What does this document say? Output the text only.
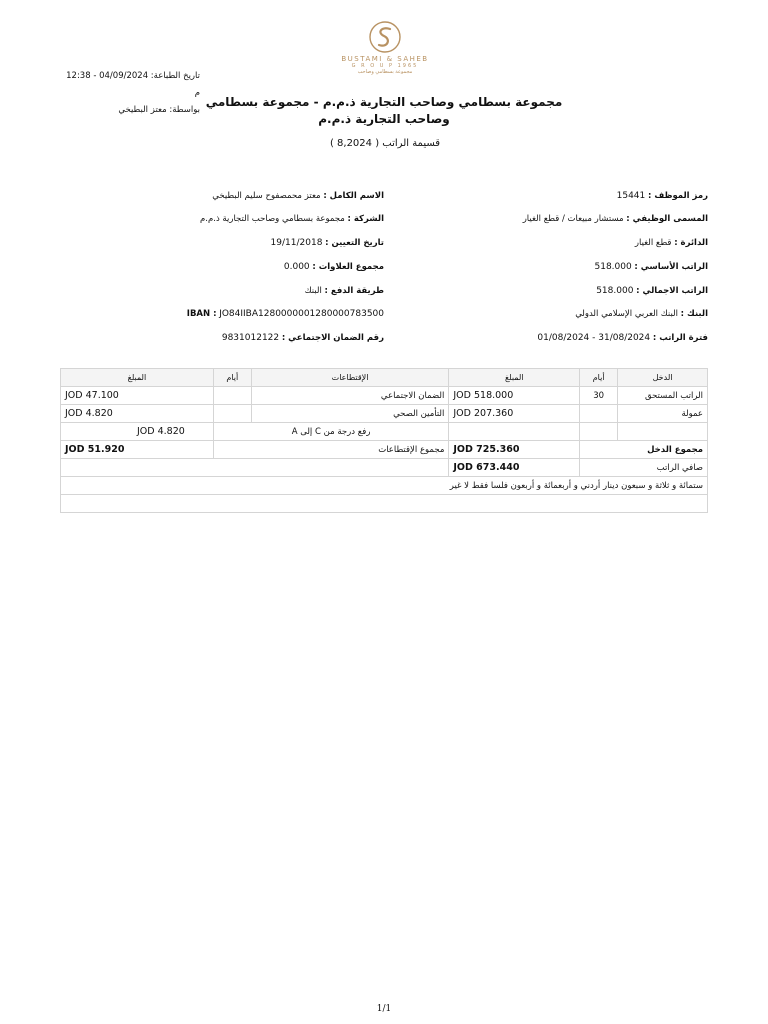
BUSTAMI & SAHEB
G R O U P 1965
مجموعة بسطامي وصاحب
تاريخ الطباعة: 04/09/2024 - 12:38 م
بواسطة: معتز البطيخي
مجموعة بسطامي وصاحب التجارية ذ.م.م - مجموعة بسطامي وصاحب التجارية ذ.م.م
قسيمة الراتب ( 8,2024 )
رمز الموظف : 15441
المسمى الوظيفي : مستشار مبيعات / قطع الغيار
الدائرة : قطع الغيار
الراتب الأساسي : 518.000
الراتب الاجمالي : 518.000
البنك : البنك العربي الإسلامي الدولي
فترة الراتب : 31/08/2024 - 01/08/2024
الاسم الكامل : معتز محمصفوح سليم البطيخي
الشركة : مجموعة بسطامي وصاحب التجارية ذ.م.م
تاريخ التعيين : 19/11/2018
مجموع العلاوات : 0.000
طريقة الدفع : البنك
IBAN : JO84IIBA1280000001280000783500
رقم الضمان الاجتماعي : 9831012122
الدخل	أيام	المبلغ	الإقتطاعات	أيام	المبلغ
الراتب المستحق	30	JOD 518.000	الضمان الاجتماعي		JOD 47.100
عمولة		JOD 207.360	التأمين الصحي		JOD 4.820
			رفع درجة من C إلى A		JOD 4.820
مجموع الدخل		JOD 725.360	مجموع الإقتطاعات		JOD 51.920
صافي الراتب		JOD 673.440			
ستمائة و ثلاثة و سبعون دينار أردني و أربعمائة و أربعون فلسا فقط لا غير					

1/1
